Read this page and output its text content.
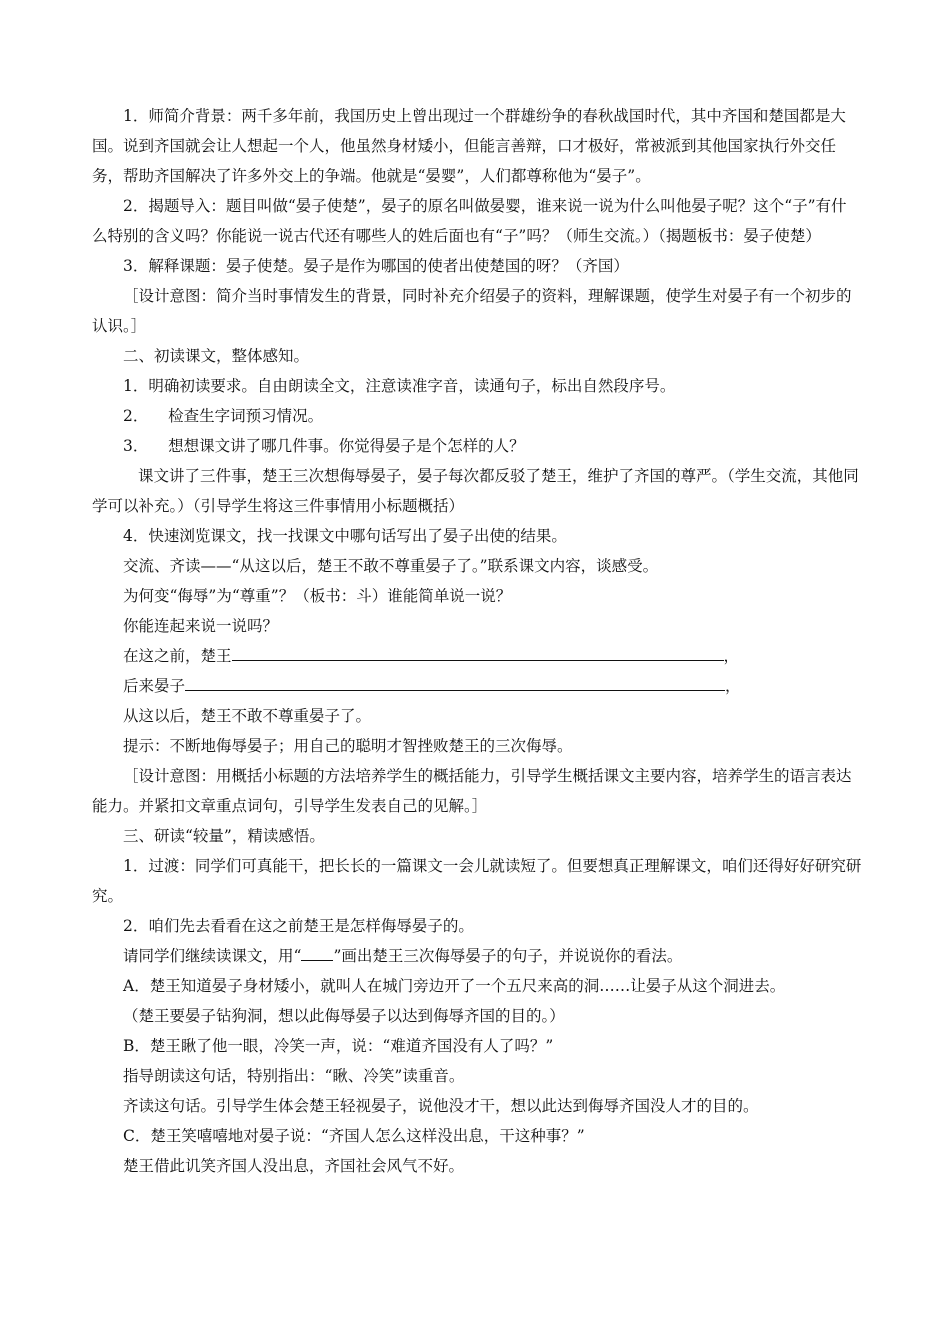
1．师简介背景：两千多年前，我国历史上曾出现过一个群雄纷争的春秋战国时代，其中齐国和楚国都是大国。说到齐国就会让人想起一个人，他虽然身材矮小，但能言善辩，口才极好，常被派到其他国家执行外交任务，帮助齐国解决了许多外交上的争端。他就是“晏婴”，人们都尊称他为“晏子”。

2．揭题导入：题目叫做“晏子使楚”，晏子的原名叫做晏婴，谁来说一说为什么叫他晏子呢？这个“子”有什么特别的含义吗？你能说一说古代还有哪些人的姓后面也有“子”吗？（师生交流。）（揭题板书：晏子使楚）

3．解释课题：晏子使楚。晏子是作为哪国的使者出使楚国的呀？（齐国）

［设计意图：简介当时事情发生的背景，同时补充介绍晏子的资料，理解课题，使学生对晏子有一个初步的认识。］

二、初读课文，整体感知。

1．明确初读要求。自由朗读全文，注意读准字音，读通句子，标出自然段序号。

2．    检查生字词预习情况。

3．    想想课文讲了哪几件事。你觉得晏子是个怎样的人？

课文讲了三件事，楚王三次想侮辱晏子，晏子每次都反驳了楚王，维护了齐国的尊严。（学生交流，其他同学可以补充。）（引导学生将这三件事情用小标题概括）

4．快速浏览课文，找一找课文中哪句话写出了晏子出使的结果。

交流、齐读——“从这以后，楚王不敢不尊重晏子了。”联系课文内容，谈感受。

为何变“侮辱”为“尊重”？（板书：斗）谁能简单说一说？

你能连起来说一说吗？

在这之前，楚王	，
后来晏子	，

从这以后，楚王不敢不尊重晏子了。

提示：不断地侮辱晏子；用自己的聪明才智挫败楚王的三次侮辱。

［设计意图：用概括小标题的方法培养学生的概括能力，引导学生概括课文主要内容，培养学生的语言表达能力。并紧扣文章重点词句，引导学生发表自己的见解。］

三、研读“较量”，精读感悟。

1．过渡：同学们可真能干，把长长的一篇课文一会儿就读短了。但要想真正理解课文，咱们还得好好研究研究。

2．咱们先去看看在这之前楚王是怎样侮辱晏子的。

请同学们继续读课文，用“ ”画出楚王三次侮辱晏子的句子，并说说你的看法。

A．楚王知道晏子身材矮小，就叫人在城门旁边开了一个五尺来高的洞……让晏子从这个洞进去。

（楚王要晏子钻狗洞，想以此侮辱晏子以达到侮辱齐国的目的。）

B．楚王瞅了他一眼，冷笑一声，说：“难道齐国没有人了吗？”

指导朗读这句话，特别指出：“瞅、冷笑”读重音。

齐读这句话。引导学生体会楚王轻视晏子，说他没才干，想以此达到侮辱齐国没人才的目的。

C．楚王笑嘻嘻地对晏子说：“齐国人怎么这样没出息，干这种事？”

楚王借此讥笑齐国人没出息，齐国社会风气不好。
